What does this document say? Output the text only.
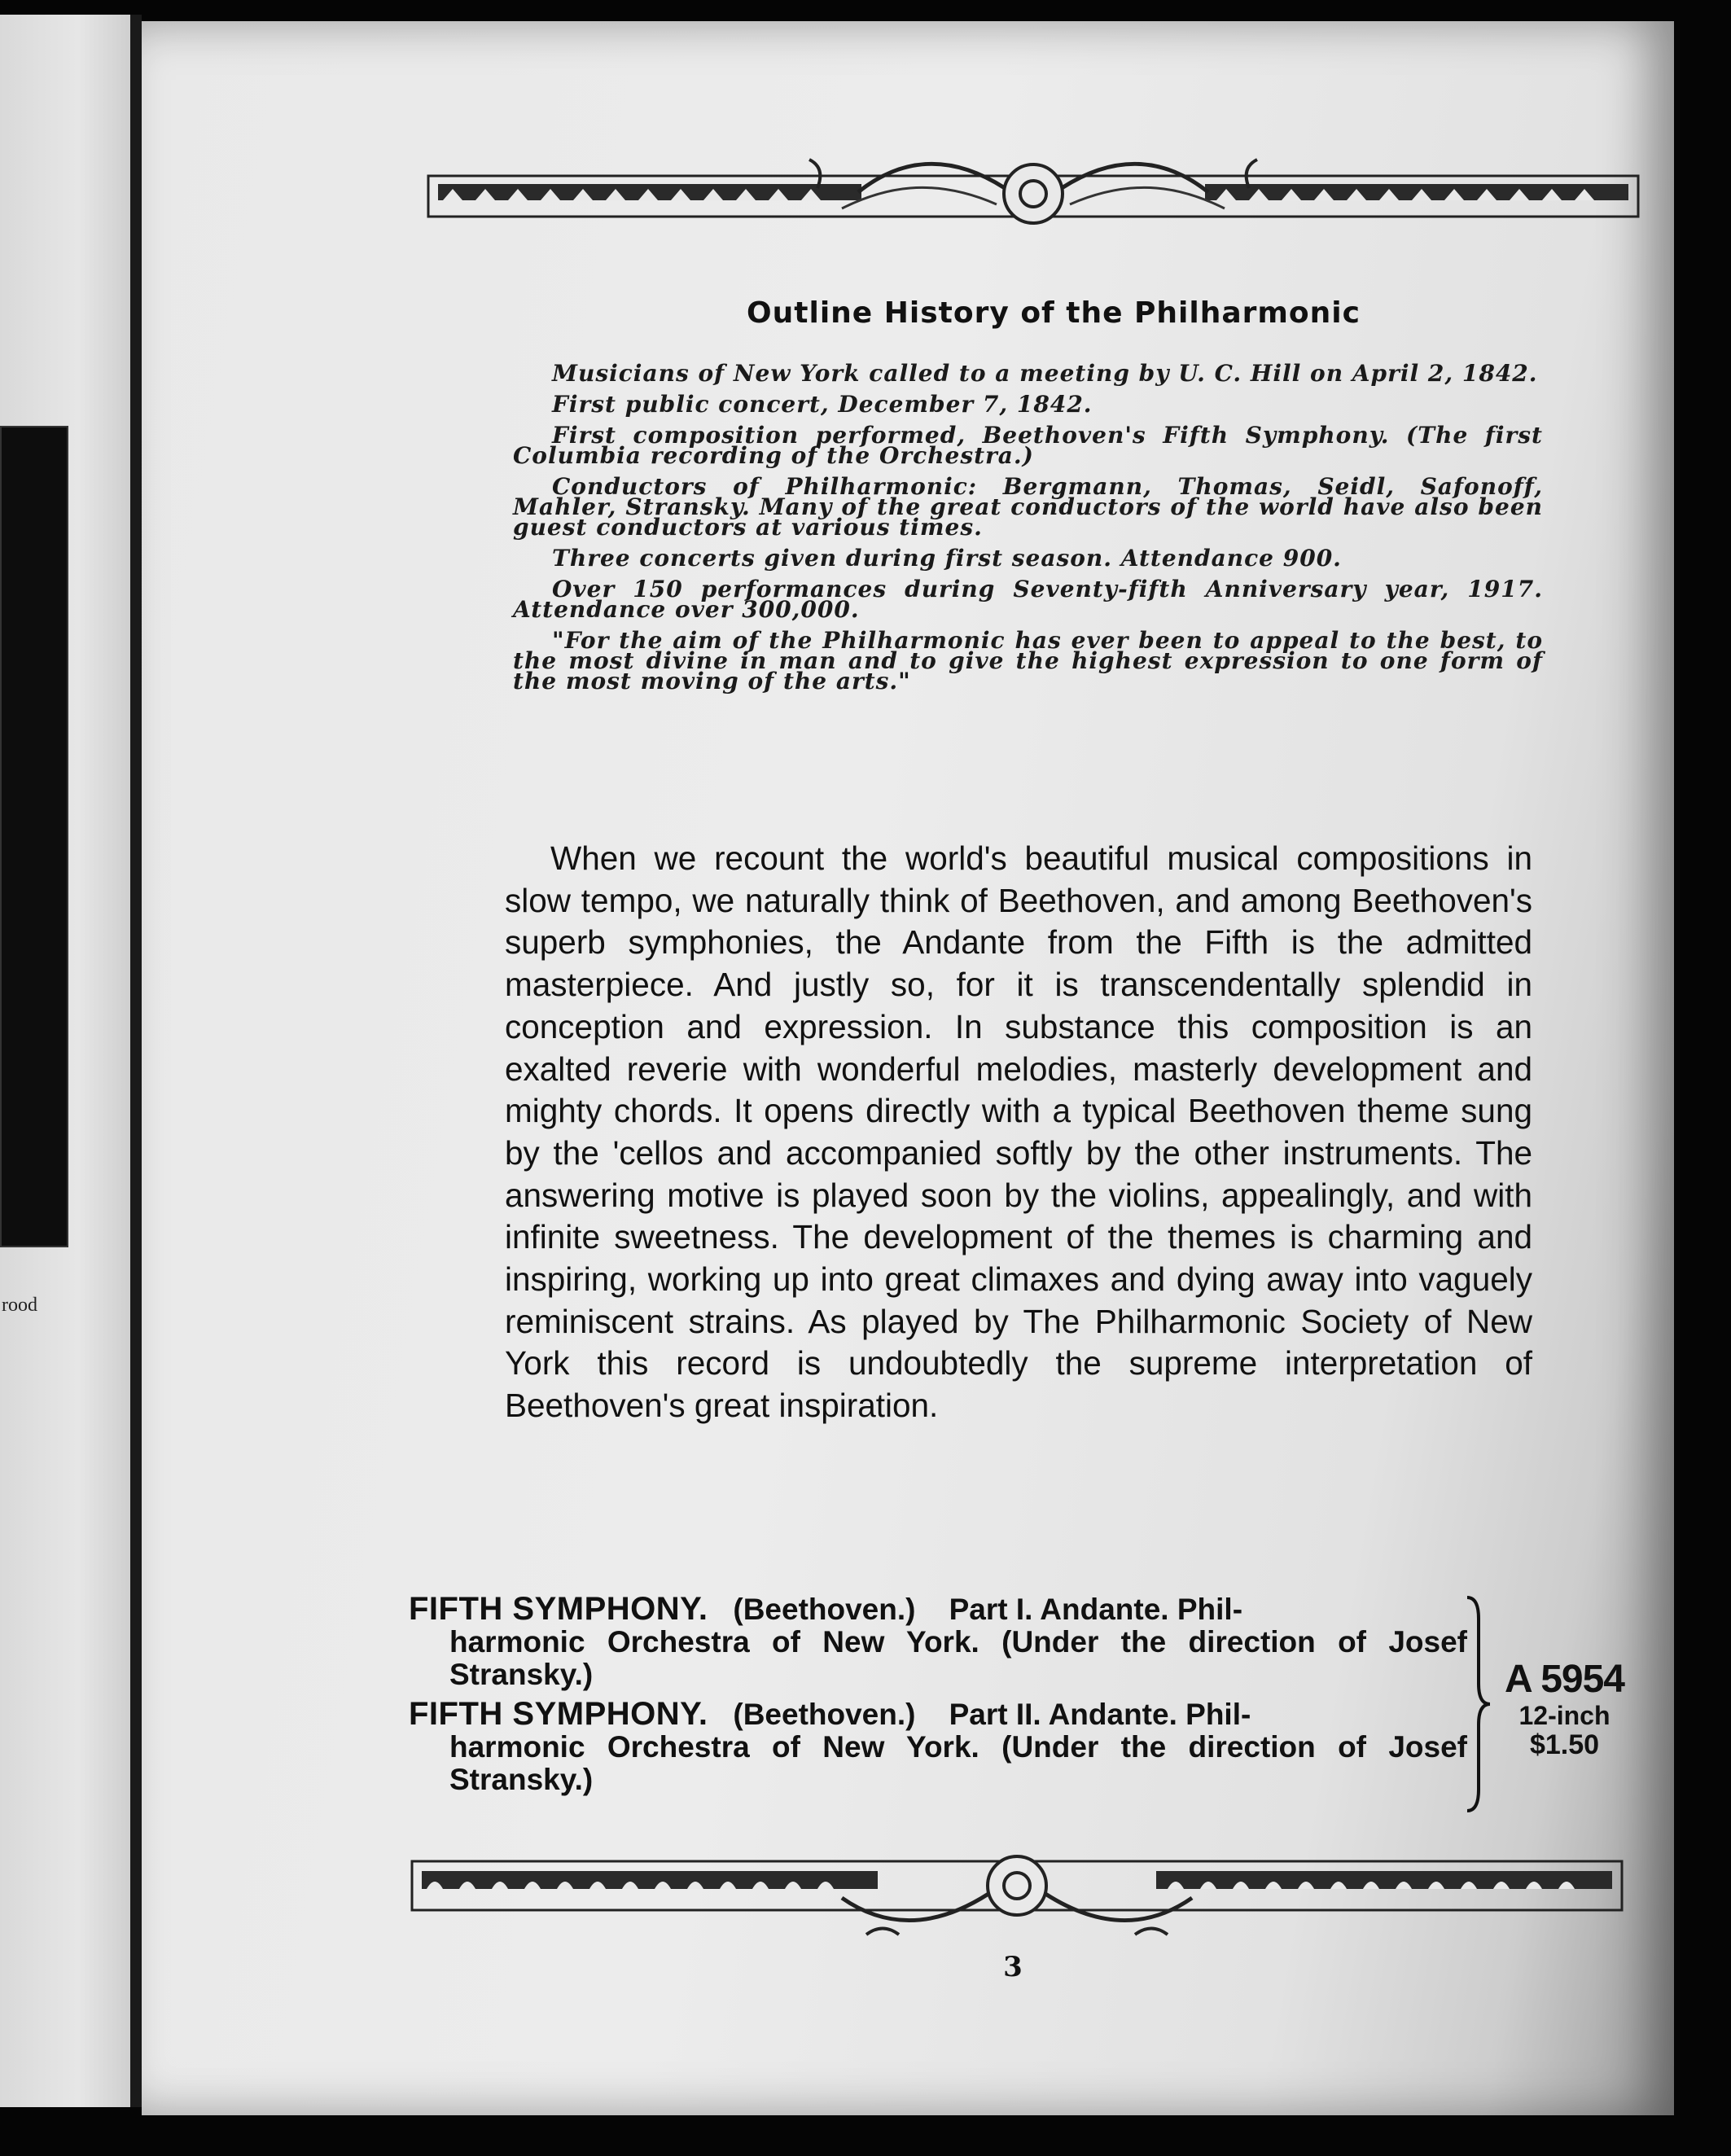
rood
Outline History of the Philharmonic

Musicians of New York called to a meeting by U. C. Hill on April 2, 1842.

First public concert, December 7, 1842.

First composition performed, Beethoven's Fifth Symphony. (The first Columbia recording of the Orchestra.)

Conductors of Philharmonic: Bergmann, Thomas, Seidl, Safonoff, Mahler, Stransky. Many of the great conductors of the world have also been guest conductors at various times.

Three concerts given during first season. Attendance 900.

Over 150 performances during Seventy-fifth Anniversary year, 1917. Attendance over 300,000.

"For the aim of the Philharmonic has ever been to appeal to the best, to the most divine in man and to give the highest expression to one form of the most moving of the arts."

When we recount the world's beautiful musical compositions in slow tempo, we naturally think of Beethoven, and among Beethoven's superb symphonies, the Andante from the Fifth is the admitted masterpiece. And justly so, for it is transcendentally splendid in conception and expression. In substance this composition is an exalted reverie with wonderful melodies, masterly development and mighty chords. It opens directly with a typical Beethoven theme sung by the 'cellos and accompanied softly by the other instruments. The answering motive is played soon by the violins, appealingly, and with infinite sweetness. The development of the themes is charming and inspiring, working up into great climaxes and dying away into vaguely reminiscent strains. As played by The Philharmonic Society of New York this record is undoubtedly the supreme interpretation of Beethoven's great inspiration.

FIFTH SYMPHONY. (Beethoven.) Part I. Andante. Phil-
harmonic Orchestra of New York. (Under the direction of Josef Stransky.)
FIFTH SYMPHONY. (Beethoven.) Part II. Andante. Phil-
harmonic Orchestra of New York. (Under the direction of Josef Stransky.)
A 5954
12-inch
$1.50
3
